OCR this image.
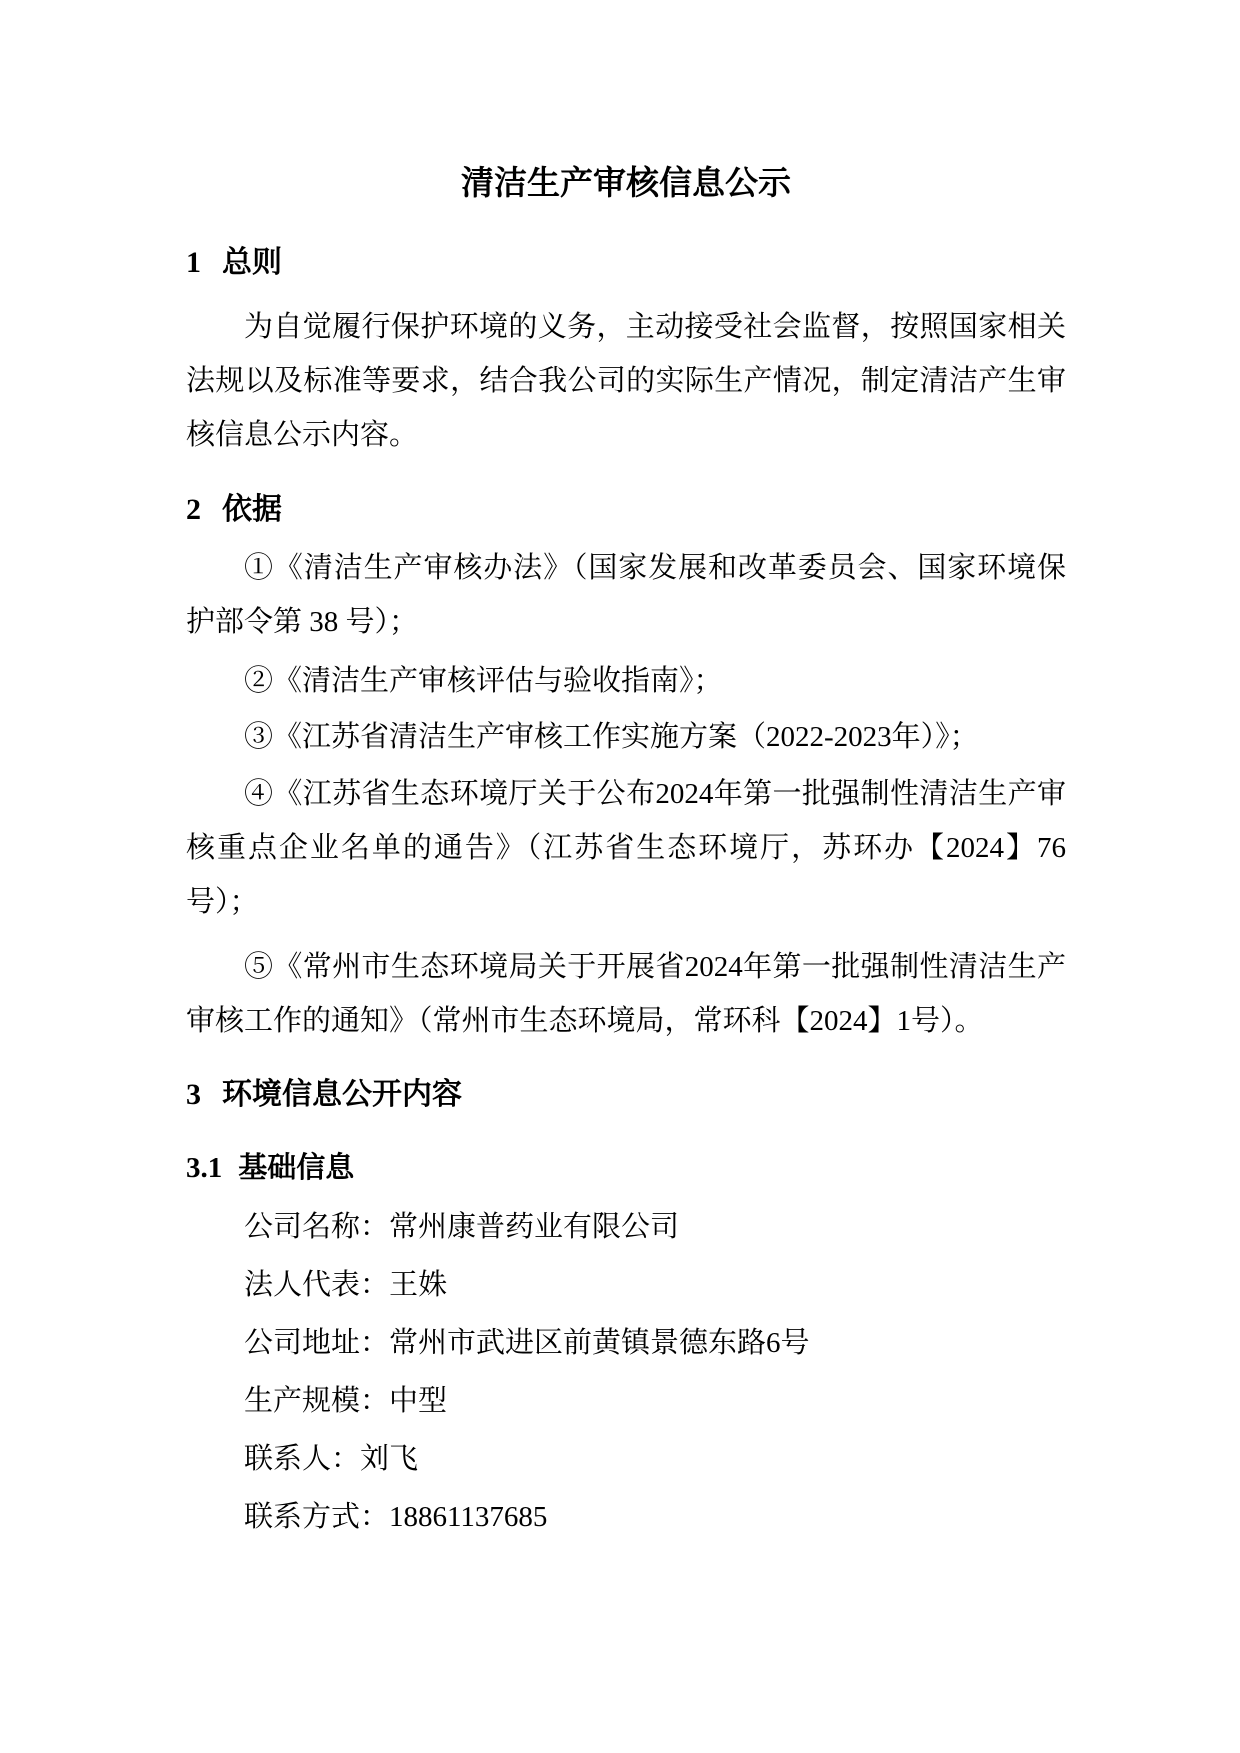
清洁生产审核信息公示
1 总则

为自觉履行保护环境的义务，主动接受社会监督，按照国家相关法规以及标准等要求，结合我公司的实际生产情况，制定清洁产生审核信息公示内容。

2 依据

①《清洁生产审核办法》（国家发展和改革委员会、国家环境保护部令第 38 号）；

②《清洁生产审核评估与验收指南》；

③《江苏省清洁生产审核工作实施方案（2022-2023年）》；

④《江苏省生态环境厅关于公布2024年第一批强制性清洁生产审核重点企业名单的通告》（江苏省生态环境厅，苏环办【2024】76号）；

⑤《常州市生态环境局关于开展省2024年第一批强制性清洁生产审核工作的通知》（常州市生态环境局，常环科【2024】1号）。

3 环境信息公开内容
3.1 基础信息

公司名称：常州康普药业有限公司

法人代表：王姝

公司地址：常州市武进区前黄镇景德东路6号

生产规模：中型

联系人：刘飞

联系方式：18861137685
